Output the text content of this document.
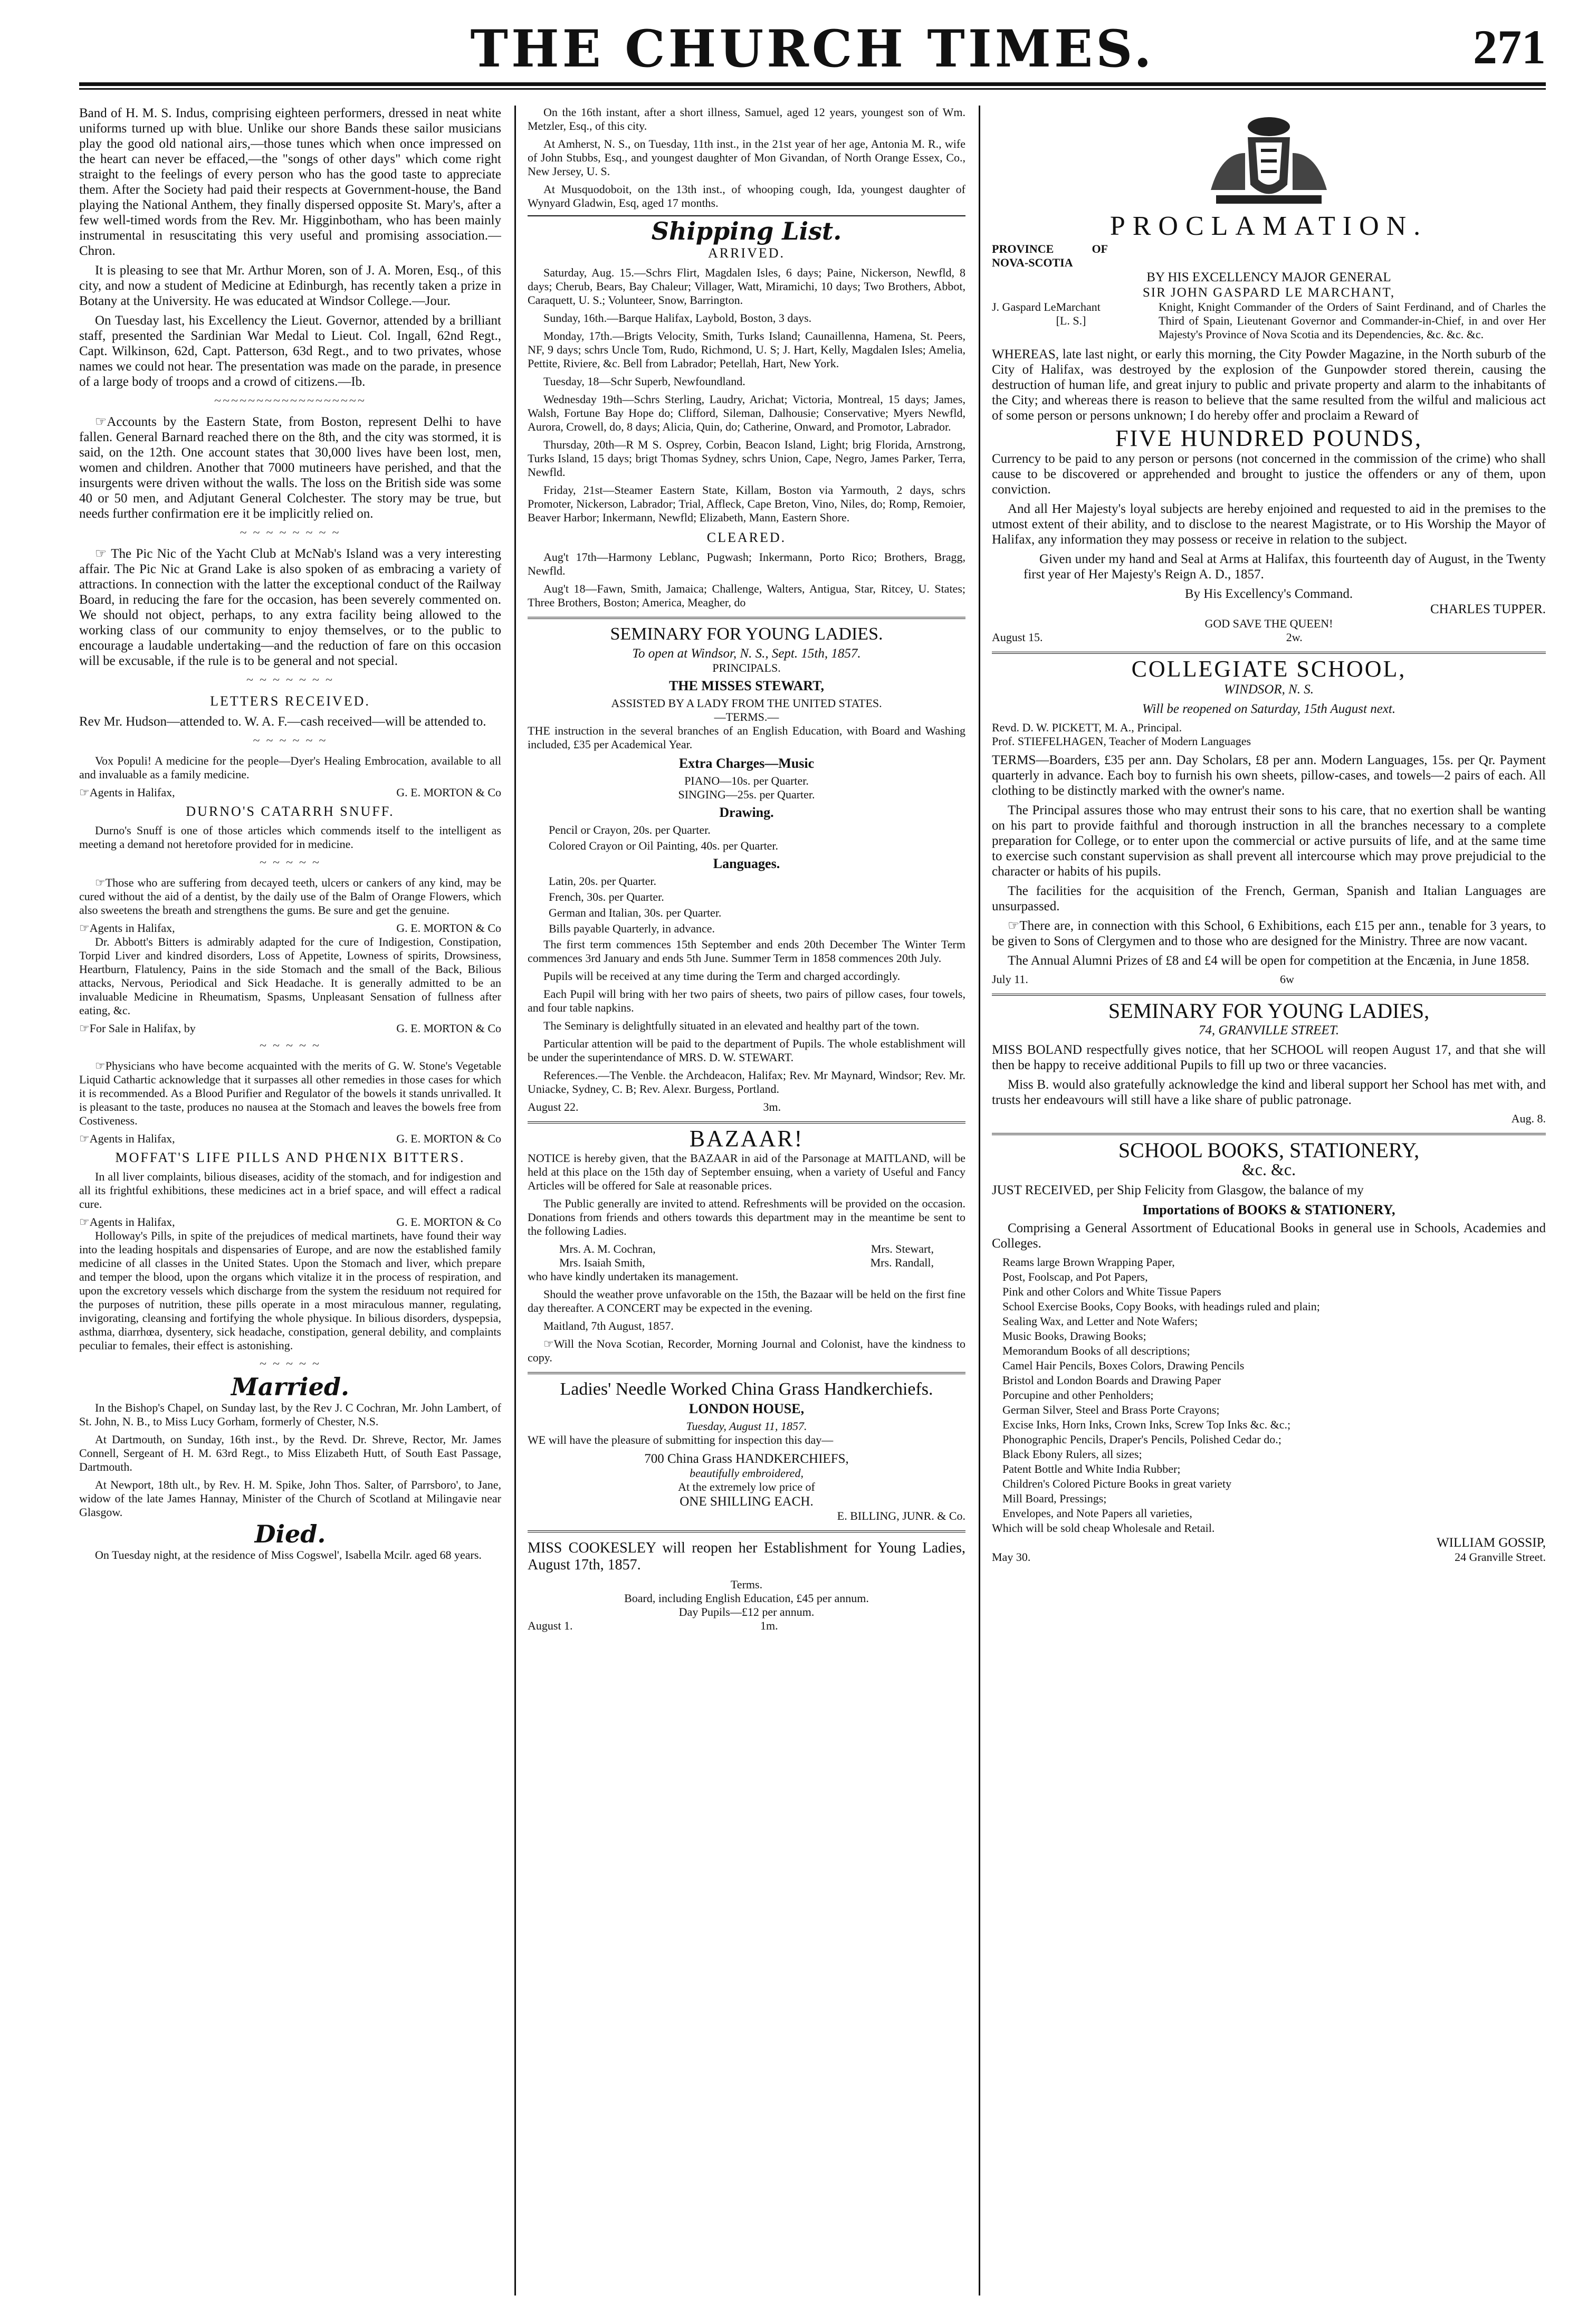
THE CHURCH TIMES.	271

Band of H. M. S. Indus, comprising eighteen performers, dressed in neat white uniforms turned up with blue. Unlike our shore Bands these sailor musicians play the good old national airs,—those tunes which when once impressed on the heart can never be effaced,—the "songs of other days" which come right straight to the feelings of every person who has the good taste to appreciate them. After the Society had paid their respects at Government-house, the Band playing the National Anthem, they finally dispersed opposite St. Mary's, after a few well-timed words from the Rev. Mr. Higginbotham, who has been mainly instrumental in resuscitating this very useful and promising association.—Chron.

It is pleasing to see that Mr. Arthur Moren, son of J. A. Moren, Esq., of this city, and now a student of Medicine at Edinburgh, has recently taken a prize in Botany at the University. He was educated at Windsor College.—Jour.

On Tuesday last, his Excellency the Lieut. Governor, attended by a brilliant staff, presented the Sardinian War Medal to Lieut. Col. Ingall, 62nd Regt., Capt. Wilkinson, 62d, Capt. Patterson, 63d Regt., and to two privates, whose names we could not hear. The presentation was made on the parade, in presence of a large body of troops and a crowd of citizens.—Ib.

~~~~~~~~~~~~~~~~~~

☞Accounts by the Eastern State, from Boston, represent Delhi to have fallen. General Barnard reached there on the 8th, and the city was stormed, it is said, on the 12th. One account states that 30,000 lives have been lost, men, women and children. Another that 7000 mutineers have perished, and that the insurgents were driven without the walls. The loss on the British side was some 40 or 50 men, and Adjutant General Colchester. The story may be true, but needs further confirmation ere it be implicitly relied on.

~ ~ ~ ~ ~ ~ ~ ~

☞ The Pic Nic of the Yacht Club at McNab's Island was a very interesting affair. The Pic Nic at Grand Lake is also spoken of as embracing a variety of attractions. In connection with the latter the exceptional conduct of the Railway Board, in reducing the fare for the occasion, has been severely commented on. We should not object, perhaps, to any extra facility being allowed to the working class of our community to enjoy themselves, or to the public to encourage a laudable undertaking—and the reduction of fare on this occasion will be excusable, if the rule is to be general and not special.

~ ~ ~ ~ ~ ~ ~
LETTERS RECEIVED.

Rev Mr. Hudson—attended to. W. A. F.—cash received—will be attended to.

~ ~ ~ ~ ~ ~

Vox Populi! A medicine for the people—Dyer's Healing Embrocation, available to all and invaluable as a family medicine.

☞Agents in Halifax,	G. E. MORTON & Co
DURNO'S CATARRH SNUFF.

Durno's Snuff is one of those articles which commends itself to the intelligent as meeting a demand not heretofore provided for in medicine.

~ ~ ~ ~ ~

☞Those who are suffering from decayed teeth, ulcers or cankers of any kind, may be cured without the aid of a dentist, by the daily use of the Balm of Orange Flowers, which also sweetens the breath and strengthens the gums. Be sure and get the genuine.

☞Agents in Halifax,	G. E. MORTON & Co

Dr. Abbott's Bitters is admirably adapted for the cure of Indigestion, Constipation, Torpid Liver and kindred disorders, Loss of Appetite, Lowness of spirits, Drowsiness, Heartburn, Flatulency, Pains in the side Stomach and the small of the Back, Bilious attacks, Nervous, Periodical and Sick Headache. It is generally admitted to be an invaluable Medicine in Rheumatism, Spasms, Unpleasant Sensation of fullness after eating, &c.

☞For Sale in Halifax, by	G. E. MORTON & Co
~ ~ ~ ~ ~

☞Physicians who have become acquainted with the merits of G. W. Stone's Vegetable Liquid Cathartic acknowledge that it surpasses all other remedies in those cases for which it is recommended. As a Blood Purifier and Regulator of the bowels it stands unrivalled. It is pleasant to the taste, produces no nausea at the Stomach and leaves the bowels free from Costiveness.

☞Agents in Halifax,	G. E. MORTON & Co
MOFFAT'S LIFE PILLS AND PHŒNIX BITTERS.

In all liver complaints, bilious diseases, acidity of the stomach, and for indigestion and all its frightful exhibitions, these medicines act in a brief space, and will effect a radical cure.

☞Agents in Halifax,	G. E. MORTON & Co

Holloway's Pills, in spite of the prejudices of medical martinets, have found their way into the leading hospitals and dispensaries of Europe, and are now the established family medicine of all classes in the United States. Upon the Stomach and liver, which prepare and temper the blood, upon the organs which vitalize it in the process of respiration, and upon the excretory vessels which discharge from the system the residuum not required for the purposes of nutrition, these pills operate in a most miraculous manner, regulating, invigorating, cleansing and fortifying the whole physique. In bilious disorders, dyspepsia, asthma, diarrhœa, dysentery, sick headache, constipation, general debility, and complaints peculiar to females, their effect is astonishing.

~ ~ ~ ~ ~
Married.

In the Bishop's Chapel, on Sunday last, by the Rev J. C Cochran, Mr. John Lambert, of St. John, N. B., to Miss Lucy Gorham, formerly of Chester, N.S.

At Dartmouth, on Sunday, 16th inst., by the Revd. Dr. Shreve, Rector, Mr. James Connell, Sergeant of H. M. 63rd Regt., to Miss Elizabeth Hutt, of South East Passage, Dartmouth.

At Newport, 18th ult., by Rev. H. M. Spike, John Thos. Salter, of Parrsboro', to Jane, widow of the late James Hannay, Minister of the Church of Scotland at Milingavie near Glasgow.

Died.

On Tuesday night, at the residence of Miss Cogswel', Isabella Mcilr. aged 68 years.

On the 16th instant, after a short illness, Samuel, aged 12 years, youngest son of Wm. Metzler, Esq., of this city.

At Amherst, N. S., on Tuesday, 11th inst., in the 21st year of her age, Antonia M. R., wife of John Stubbs, Esq., and youngest daughter of Mon Givandan, of North Orange Essex, Co., New Jersey, U. S.

At Musquodoboit, on the 13th inst., of whooping cough, Ida, youngest daughter of Wynyard Gladwin, Esq, aged 17 months.

Shipping List.
ARRIVED.

Saturday, Aug. 15.—Schrs Flirt, Magdalen Isles, 6 days; Paine, Nickerson, Newfld, 8 days; Cherub, Bears, Bay Chaleur; Villager, Watt, Miramichi, 10 days; Two Brothers, Abbot, Caraquett, U. S.; Volunteer, Snow, Barrington.

Sunday, 16th.—Barque Halifax, Laybold, Boston, 3 days.

Monday, 17th.—Brigts Velocity, Smith, Turks Island; Caunaillenna, Hamena, St. Peers, NF, 9 days; schrs Uncle Tom, Rudo, Richmond, U. S; J. Hart, Kelly, Magdalen Isles; Amelia, Pettite, Riviere, &c. Bell from Labrador; Petellah, Hart, New York.

Tuesday, 18—Schr Superb, Newfoundland.

Wednesday 19th—Schrs Sterling, Laudry, Arichat; Victoria, Montreal, 15 days; James, Walsh, Fortune Bay Hope do; Clifford, Sileman, Dalhousie; Conservative; Myers Newfld, Aurora, Crowell, do, 8 days; Alicia, Quin, do; Catherine, Onward, and Promotor, Labrador.

Thursday, 20th—R M S. Osprey, Corbin, Beacon Island, Light; brig Florida, Arnstrong, Turks Island, 15 days; brigt Thomas Sydney, schrs Union, Cape, Negro, James Parker, Terra, Newfld.

Friday, 21st—Steamer Eastern State, Killam, Boston via Yarmouth, 2 days, schrs Promoter, Nickerson, Labrador; Trial, Affleck, Cape Breton, Vino, Niles, do; Romp, Remoier, Beaver Harbor; Inkermann, Newfld; Elizabeth, Mann, Eastern Shore.

CLEARED.

Aug't 17th—Harmony Leblanc, Pugwash; Inkermann, Porto Rico; Brothers, Bragg, Newfld.

Aug't 18—Fawn, Smith, Jamaica; Challenge, Walters, Antigua, Star, Ritcey, U. States; Three Brothers, Boston; America, Meagher, do

SEMINARY FOR YOUNG LADIES.
To open at Windsor, N. S., Sept. 15th, 1857.
PRINCIPALS.
THE MISSES STEWART,
ASSISTED BY A LADY FROM THE UNITED STATES.
—TERMS.—

THE instruction in the several branches of an English Education, with Board and Washing included, £35 per Academical Year.

Extra Charges—Music
PIANO—10s. per Quarter.
SINGING—25s. per Quarter.
Drawing.
Pencil or Crayon, 20s. per Quarter.
Colored Crayon or Oil Painting, 40s. per Quarter.
Languages.
Latin, 20s. per Quarter.
French, 30s. per Quarter.
German and Italian, 30s. per Quarter.
Bills payable Quarterly, in advance.

The first term commences 15th September and ends 20th December The Winter Term commences 3rd January and ends 5th June. Summer Term in 1858 commences 20th July.

Pupils will be received at any time during the Term and charged accordingly.

Each Pupil will bring with her two pairs of sheets, two pairs of pillow cases, four towels, and four table napkins.

The Seminary is delightfully situated in an elevated and healthy part of the town.

Particular attention will be paid to the department of Pupils. The whole establishment will be under the superintendance of MRS. D. W. STEWART.

References.—The Venble. the Archdeacon, Halifax; Rev. Mr Maynard, Windsor; Rev. Mr. Uniacke, Sydney, C. B; Rev. Alexr. Burgess, Portland.

August 22.	3m.
BAZAAR!

NOTICE is hereby given, that the BAZAAR in aid of the Parsonage at MAITLAND, will be held at this place on the 15th day of September ensuing, when a variety of Useful and Fancy Articles will be offered for Sale at reasonable prices.

The Public generally are invited to attend. Refreshments will be provided on the occasion. Donations from friends and others towards this department may in the meantime be sent to the following Ladies.

Mrs. A. M. Cochran,	Mrs. Stewart,
Mrs. Isaiah Smith,	Mrs. Randall,

who have kindly undertaken its management.

Should the weather prove unfavorable on the 15th, the Bazaar will be held on the first fine day thereafter. A CONCERT may be expected in the evening.

Maitland, 7th August, 1857.

☞Will the Nova Scotian, Recorder, Morning Journal and Colonist, have the kindness to copy.

Ladies' Needle Worked China Grass Handkerchiefs.
LONDON HOUSE,
Tuesday, August 11, 1857.

WE will have the pleasure of submitting for inspection this day—

700 China Grass HANDKERCHIEFS,
beautifully embroidered,
At the extremely low price of
ONE SHILLING EACH.
E. BILLING, JUNR. & Co.

MISS COOKESLEY will reopen her Establishment for Young Ladies, August 17th, 1857.

Terms.
Board, including English Education, £45 per annum.
Day Pupils—£12 per annum.
August 1.	1m.
PROCLAMATION.
PROVINCE OF NOVA-SCOTIA
BY HIS EXCELLENCY MAJOR GENERAL
SIR JOHN GASPARD LE MARCHANT,
J. Gaspard LeMarchant
[L. S.]
Knight, Knight Commander of the Orders of Saint Ferdinand, and of Charles the Third of Spain, Lieutenant Governor and Commander-in-Chief, in and over Her Majesty's Province of Nova Scotia and its Dependencies, &c. &c. &c.

WHEREAS, late last night, or early this morning, the City Powder Magazine, in the North suburb of the City of Halifax, was destroyed by the explosion of the Gunpowder stored therein, causing the destruction of human life, and great injury to public and private property and alarm to the inhabitants of the City; and whereas there is reason to believe that the same resulted from the wilful and malicious act of some person or persons unknown; I do hereby offer and proclaim a Reward of

FIVE HUNDRED POUNDS,

Currency to be paid to any person or persons (not concerned in the commission of the crime) who shall cause to be discovered or apprehended and brought to justice the offenders or any of them, upon conviction.

And all Her Majesty's loyal subjects are hereby enjoined and requested to aid in the premises to the utmost extent of their ability, and to disclose to the nearest Magistrate, or to His Worship the Mayor of Halifax, any information they may possess or receive in relation to the subject.

Given under my hand and Seal at Arms at Halifax, this fourteenth day of August, in the Twenty first year of Her Majesty's Reign A. D., 1857.

By His Excellency's Command.
CHARLES TUPPER.
GOD SAVE THE QUEEN!
August 15.	2w.
COLLEGIATE SCHOOL,
WINDSOR, N. S.
Will be reopened on Saturday, 15th August next.
Revd. D. W. PICKETT, M. A., Principal.
Prof. STIEFELHAGEN, Teacher of Modern Languages

TERMS—Boarders, £35 per ann. Day Scholars, £8 per ann. Modern Languages, 15s. per Qr. Payment quarterly in advance. Each boy to furnish his own sheets, pillow-cases, and towels—2 pairs of each. All clothing to be distinctly marked with the owner's name.

The Principal assures those who may entrust their sons to his care, that no exertion shall be wanting on his part to provide faithful and thorough instruction in all the branches necessary to a complete preparation for College, or to enter upon the commercial or active pursuits of life, and at the same time to exercise such constant supervision as shall prevent all intercourse which may prove prejudicial to the character or habits of his pupils.

The facilities for the acquisition of the French, German, Spanish and Italian Languages are unsurpassed.

☞There are, in connection with this School, 6 Exhibitions, each £15 per ann., tenable for 3 years, to be given to Sons of Clergymen and to those who are designed for the Ministry. Three are now vacant.

The Annual Alumni Prizes of £8 and £4 will be open for competition at the Encænia, in June 1858.

July 11.	6w
SEMINARY FOR YOUNG LADIES,
74, GRANVILLE STREET.

MISS BOLAND respectfully gives notice, that her SCHOOL will reopen August 17, and that she will then be happy to receive additional Pupils to fill up two or three vacancies.

Miss B. would also gratefully acknowledge the kind and liberal support her School has met with, and trusts her endeavours will still have a like share of public patronage.

Aug. 8.
SCHOOL BOOKS, STATIONERY,
&c. &c.

JUST RECEIVED, per Ship Felicity from Glasgow, the balance of my

Importations of BOOKS & STATIONERY,

Comprising a General Assortment of Educational Books in general use in Schools, Academies and Colleges.

Reams large Brown Wrapping Paper,
Post, Foolscap, and Pot Papers,
Pink and other Colors and White Tissue Papers
School Exercise Books, Copy Books, with headings ruled and plain;
Sealing Wax, and Letter and Note Wafers;
Music Books, Drawing Books;
Memorandum Books of all descriptions;
Camel Hair Pencils, Boxes Colors, Drawing Pencils
Bristol and London Boards and Drawing Paper
Porcupine and other Penholders;
German Silver, Steel and Brass Porte Crayons;
Excise Inks, Horn Inks, Crown Inks, Screw Top Inks &c. &c.;
Phonographic Pencils, Draper's Pencils, Polished Cedar do.;
Black Ebony Rulers, all sizes;
Patent Bottle and White India Rubber;
Children's Colored Picture Books in great variety
Mill Board, Pressings;
Envelopes, and Note Papers all varieties,
Which will be sold cheap Wholesale and Retail.
WILLIAM GOSSIP,
May 30.	24 Granville Street.
